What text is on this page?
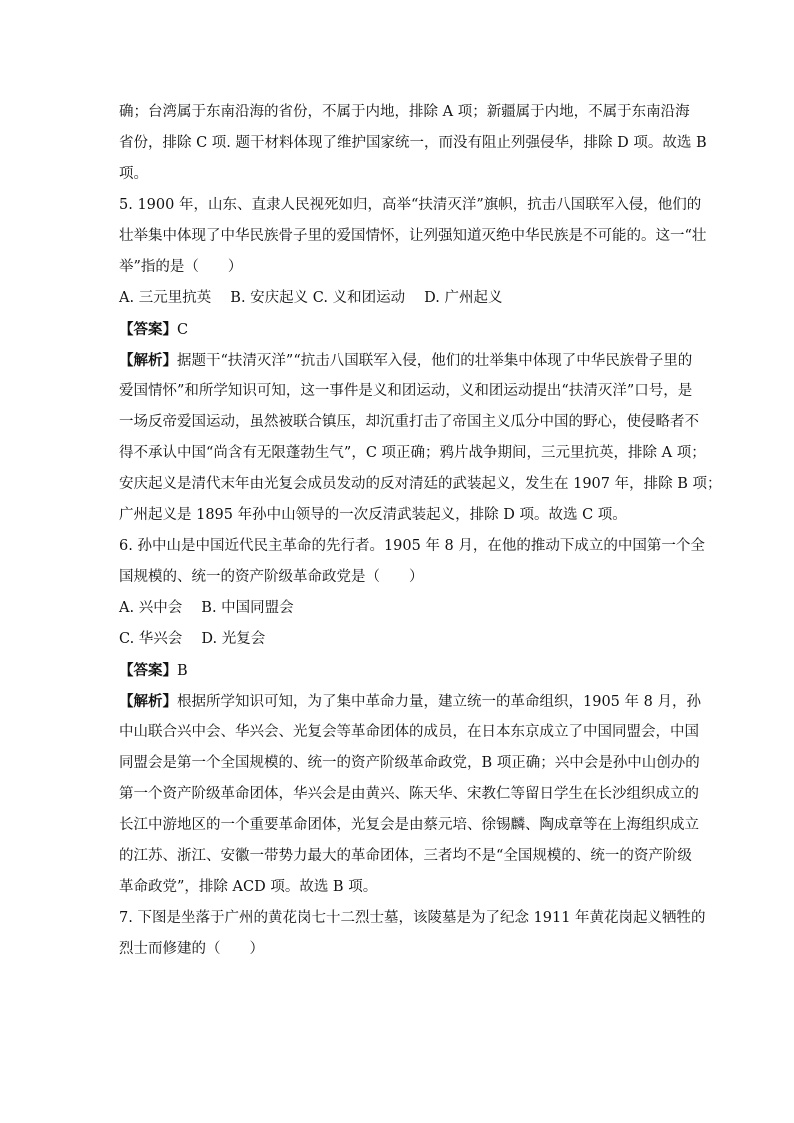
确；台湾属于东南沿海的省份，不属于内地，排除 A 项；新疆属于内地，不属于东南沿海
省份，排除 C 项. 题干材料体现了维护国家统一，而没有阻止列强侵华，排除 D 项。故选 B
项。
5. 1900 年，山东、直隶人民视死如归，高举“扶清灭洋”旗帜，抗击八国联军入侵，他们的
壮举集中体现了中华民族骨子里的爱国情怀，让列强知道灭绝中华民族是不可能的。这一“壮
举”指的是（　　）
A. 三元里抗英　 B. 安庆起义 C. 义和团运动　 D. 广州起义
【答案】C
【解析】据题干“扶清灭洋”“抗击八国联军入侵，他们的壮举集中体现了中华民族骨子里的
爱国情怀”和所学知识可知，这一事件是义和团运动，义和团运动提出“扶清灭洋”口号，是
一场反帝爱国运动，虽然被联合镇压，却沉重打击了帝国主义瓜分中国的野心，使侵略者不
得不承认中国“尚含有无限蓬勃生气”，C 项正确；鸦片战争期间，三元里抗英，排除 A 项；
安庆起义是清代末年由光复会成员发动的反对清廷的武装起义，发生在 1907 年，排除 B 项；
广州起义是 1895 年孙中山领导的一次反清武装起义，排除 D 项。故选 C 项。
6. 孙中山是中国近代民主革命的先行者。1905 年 8 月，在他的推动下成立的中国第一个全
国规模的、统一的资产阶级革命政党是（　　）
A. 兴中会　 B. 中国同盟会
C. 华兴会　 D. 光复会
【答案】B
【解析】根据所学知识可知，为了集中革命力量，建立统一的革命组织，1905 年 8 月，孙
中山联合兴中会、华兴会、光复会等革命团体的成员，在日本东京成立了中国同盟会，中国
同盟会是第一个全国规模的、统一的资产阶级革命政党，B 项正确；兴中会是孙中山创办的
第一个资产阶级革命团体，华兴会是由黄兴、陈天华、宋教仁等留日学生在长沙组织成立的
长江中游地区的一个重要革命团体，光复会是由蔡元培、徐锡麟、陶成章等在上海组织成立
的江苏、浙江、安徽一带势力最大的革命团体，三者均不是“全国规模的、统一的资产阶级
革命政党”，排除 ACD 项。故选 B 项。
7. 下图是坐落于广州的黄花岗七十二烈士墓，该陵墓是为了纪念 1911 年黄花岗起义牺牲的
烈士而修建的（　　）
